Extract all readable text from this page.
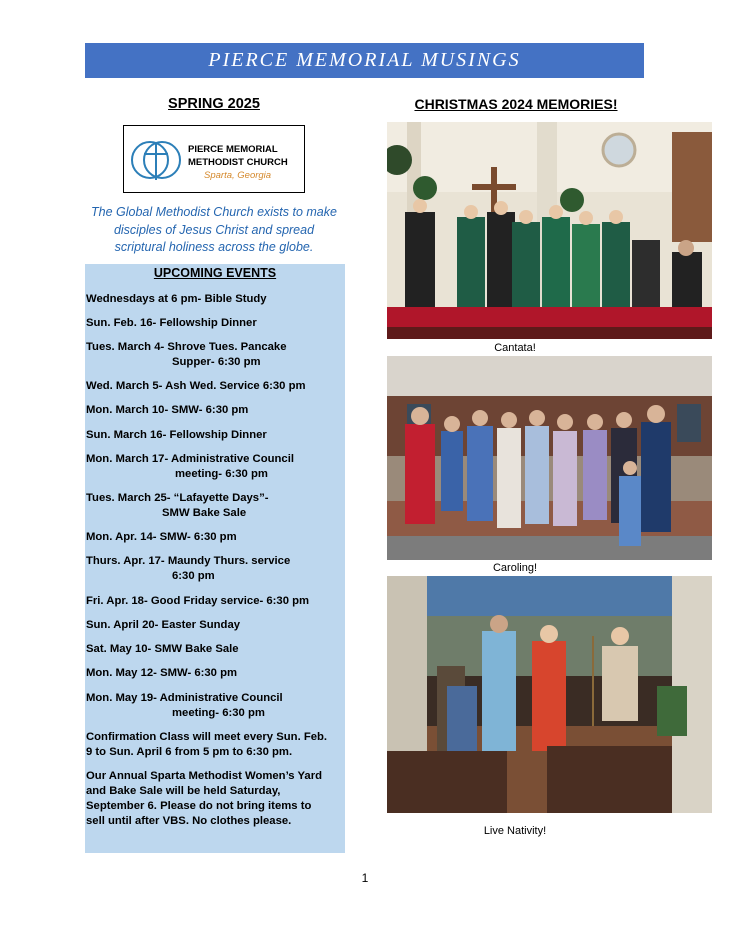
PIERCE MEMORIAL MUSINGS
SPRING 2025	CHRISTMAS 2024 MEMORIES!
PIERCE MEMORIAL
METHODIST CHURCH
Sparta, Georgia
The Global Methodist Church exists to make
disciples of Jesus Christ and spread
scriptural holiness across the globe.
UPCOMING EVENTS
Wednesdays at 6 pm- Bible Study
Sun. Feb. 16- Fellowship Dinner
Tues. March 4- Shrove Tues. Pancake
Supper- 6:30 pm
Wed. March 5- Ash Wed. Service 6:30 pm
Mon. March 10- SMW- 6:30 pm
Sun. March 16- Fellowship Dinner
Mon. March 17- Administrative Council
meeting- 6:30 pm
Tues. March 25- “Lafayette Days”-
SMW Bake Sale
Mon. Apr. 14- SMW- 6:30 pm
Thurs. Apr. 17- Maundy Thurs. service
6:30 pm
Fri. Apr. 18- Good Friday service- 6:30 pm
Sun. April 20- Easter Sunday
Sat. May 10- SMW Bake Sale
Mon. May 12- SMW- 6:30 pm
Mon. May 19- Administrative Council
meeting- 6:30 pm
Confirmation Class will meet every Sun. Feb.
9 to Sun. April 6 from 5 pm to 6:30 pm.
Our Annual Sparta Methodist Women’s Yard
and Bake Sale will be held Saturday,
September 6. Please do not bring items to
sell until after VBS. No clothes please.
Cantata!
Caroling!
Live Nativity!
1
